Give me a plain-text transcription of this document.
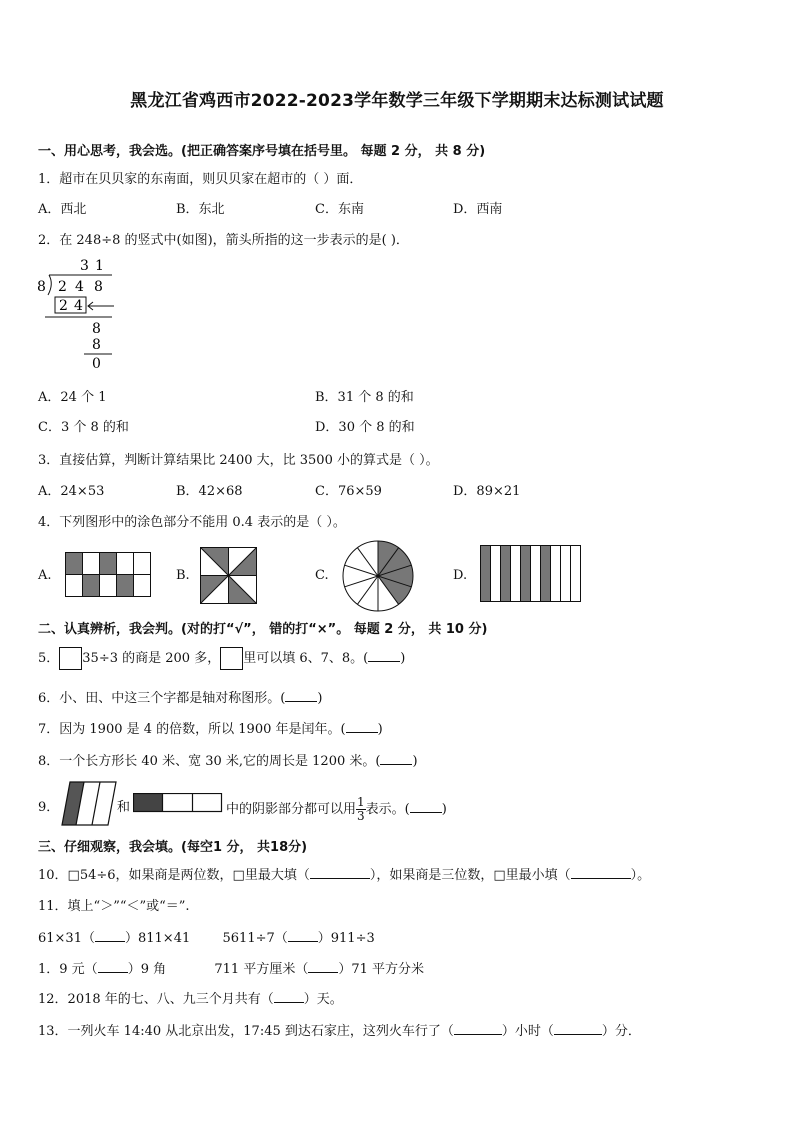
黑龙江省鸡西市2022-2023学年数学三年级下学期期末达标测试试题
一、用心思考，我会选。(把正确答案序号填在括号里。 每题 2 分， 共 8 分)
1．超市在贝贝家的东南面，则贝贝家在超市的（ ）面．
A．西北	B．东北	C．东南	D．西南
2．在 248÷8 的竖式中(如图)，箭头所指的这一步表示的是( )．
3 1
8 2 4 8
2 4
8
8
0
A．24 个 1	B．31 个 8 的和
C．3 个 8 的和	D．30 个 8 的和
3．直接估算，判断计算结果比 2400 大，比 3500 小的算式是（ ）。
A．24×53	B．42×68	C．76×59	D．89×21
4．下列图形中的涂色部分不能用 0.4 表示的是（ ）。
A.	B.	C.	D.
二、认真辨析，我会判。(对的打“√”， 错的打“×”。 每题 2 分， 共 10 分)
5． 35÷3 的商是 200 多， 里可以填 6、7、8。( )
6．小、田、中这三个字都是轴对称图形。( )
7．因为 1900 是 4 的倍数，所以 1900 年是闰年。( )
8．一个长方形长 40 米、宽 30 米,它的周长是 1200 米。( )
9．	和	中的阴影部分都可以用 $\frac{1}{3}$ 表示。( )
三、仔细观察，我会填。(每空1 分， 共18分)
10．□54÷6，如果商是两位数，□里最大填（	），如果商是三位数，□里最小填（	）。
11．填上“＞”“＜”或“＝”.
61×31（ ）811×41 5611÷7（ ）911÷3
1．9 元（ ）9 角	711 平方厘米（ ）71 平方分米
12．2018 年的七、八、九三个月共有（ ）天。
13．一列火车 14:40 从北京出发，17:45 到达石家庄，这列火车行了（	）小时（	）分．
